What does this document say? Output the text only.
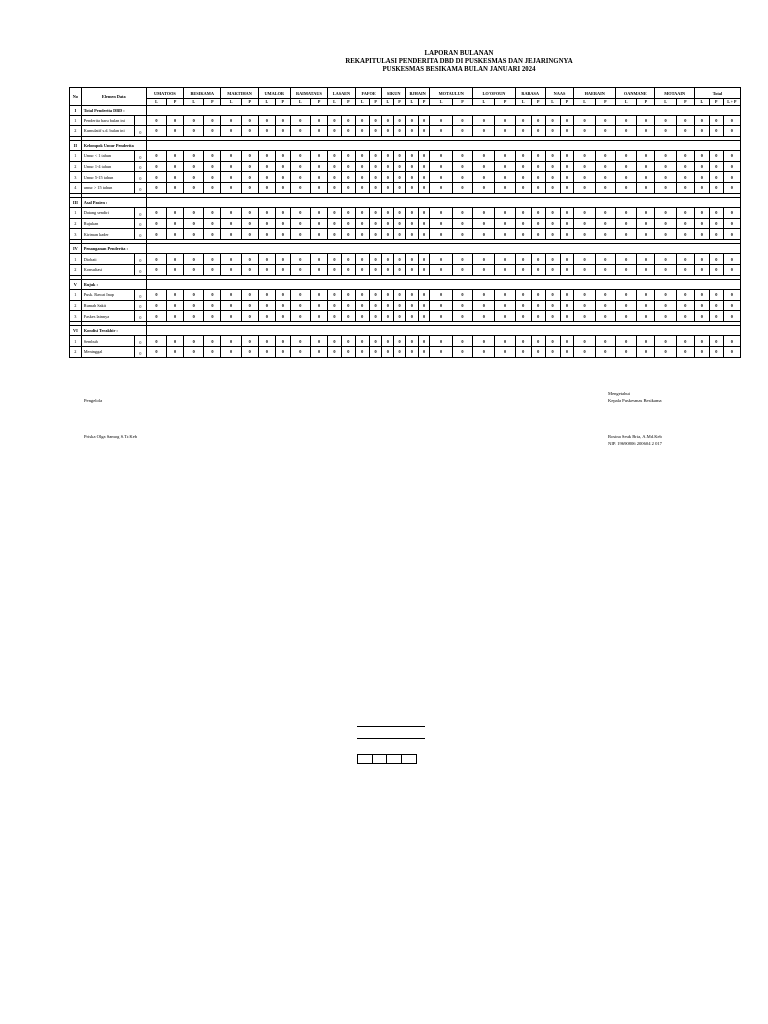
LAPORAN BULANAN
REKAPITULASI PENDERITA DBD DI PUSKESMAS DAN JEJARINGNYA
PUSKESMAS BESIKAMA BULAN JANUARI 2024
No	Elemen Data		UMATOOS		BESIKAMA		MAKTIHAN		UMALOR		RAIMATAUS		LASAEN		FAFOE		SIKUN		BJHAIN		MOTAULUN		LO'OFOUN		RABASA		NAAS		HAERAIN		OANMANE		MOTAAIN		Total		
			L	P	L	P	L	P	L	P	L	P	L	P	L	P	L	P	L	P	L	P	L	P	L	P	L	P	L	P	L	P	L	P	L	P	L + P
I	Total Penderita DBD :																																				
1	Penderita baru bulan ini		0	0	0	0	0	0	0	0	0	0	0	0	0	0	0	0	0	0	0	0	0	0	0	0	0	0	0	0	0	0	0	0	0	0	0
2	Kumulatif s.d. bulan ini	0	0	0	0	0	0	0	0	0	0	0	0	0	0	0	0	0	0	0	0	0	0	0	0	0	0	0	0	0	0	0	0	0	0	0	0

II	Kelompok Umur Penderita																																				
1	Umur < 1 tahun	0	0	0	0	0	0	0	0	0	0	0	0	0	0	0	0	0	0	0	0	0	0	0	0	0	0	0	0	0	0	0	0	0	0	0	0
2	Umur 1-4 tahun	0	0	0	0	0	0	0	0	0	0	0	0	0	0	0	0	0	0	0	0	0	0	0	0	0	0	0	0	0	0	0	0	0	0	0	0
3	Umur 5-15 tahun	0	0	0	0	0	0	0	0	0	0	0	0	0	0	0	0	0	0	0	0	0	0	0	0	0	0	0	0	0	0	0	0	0	0	0	0
4	umur > 15 tahun	0	0	0	0	0	0	0	0	0	0	0	0	0	0	0	0	0	0	0	0	0	0	0	0	0	0	0	0	0	0	0	0	0	0	0	0

III	Asal Pasien :																																				
1	Datang sendiri	0	0	0	0	0	0	0	0	0	0	0	0	0	0	0	0	0	0	0	0	0	0	0	0	0	0	0	0	0	0	0	0	0	0	0	0
2	Rujukan	0	0	0	0	0	0	0	0	0	0	0	0	0	0	0	0	0	0	0	0	0	0	0	0	0	0	0	0	0	0	0	0	0	0	0	0
3	Kiriman kader	0	0	0	0	0	0	0	0	0	0	0	0	0	0	0	0	0	0	0	0	0	0	0	0	0	0	0	0	0	0	0	0	0	0	0	0

IV	Penanganan Penderita :																																				
1	Diobati	0	0	0	0	0	0	0	0	0	0	0	0	0	0	0	0	0	0	0	0	0	0	0	0	0	0	0	0	0	0	0	0	0	0	0	0
2	Konsultasi	0	0	0	0	0	0	0	0	0	0	0	0	0	0	0	0	0	0	0	0	0	0	0	0	0	0	0	0	0	0	0	0	0	0	0	0

V	Rujuk :																																				
1	Pusk. Rawat Inap	0	0	0	0	0	0	0	0	0	0	0	0	0	0	0	0	0	0	0	0	0	0	0	0	0	0	0	0	0	0	0	0	0	0	0	0
2	Rumah Sakit	0	0	0	0	0	0	0	0	0	0	0	0	0	0	0	0	0	0	0	0	0	0	0	0	0	0	0	0	0	0	0	0	0	0	0	0
3	Faskes lainnya	0	0	0	0	0	0	0	0	0	0	0	0	0	0	0	0	0	0	0	0	0	0	0	0	0	0	0	0	0	0	0	0	0	0	0	0

VI	Kondisi Terakhir :																																				
1	Sembuh	0	0	0	0	0	0	0	0	0	0	0	0	0	0	0	0	0	0	0	0	0	0	0	0	0	0	0	0	0	0	0	0	0	0	0	0
2	Meninggal	0	0	0	0	0	0	0	0	0	0	0	0	0	0	0	0	0	0	0	0	0	0	0	0	0	0	0	0	0	0	0	0	0	0	0	0
Pengelola
Priska Olga Samog S.Tr.Keb
Mengetahui
Kepala Puskesmas Besikama
Rosina Seuk Bria, A.Md.Keb
NIP. 19690806 200604 2 017
